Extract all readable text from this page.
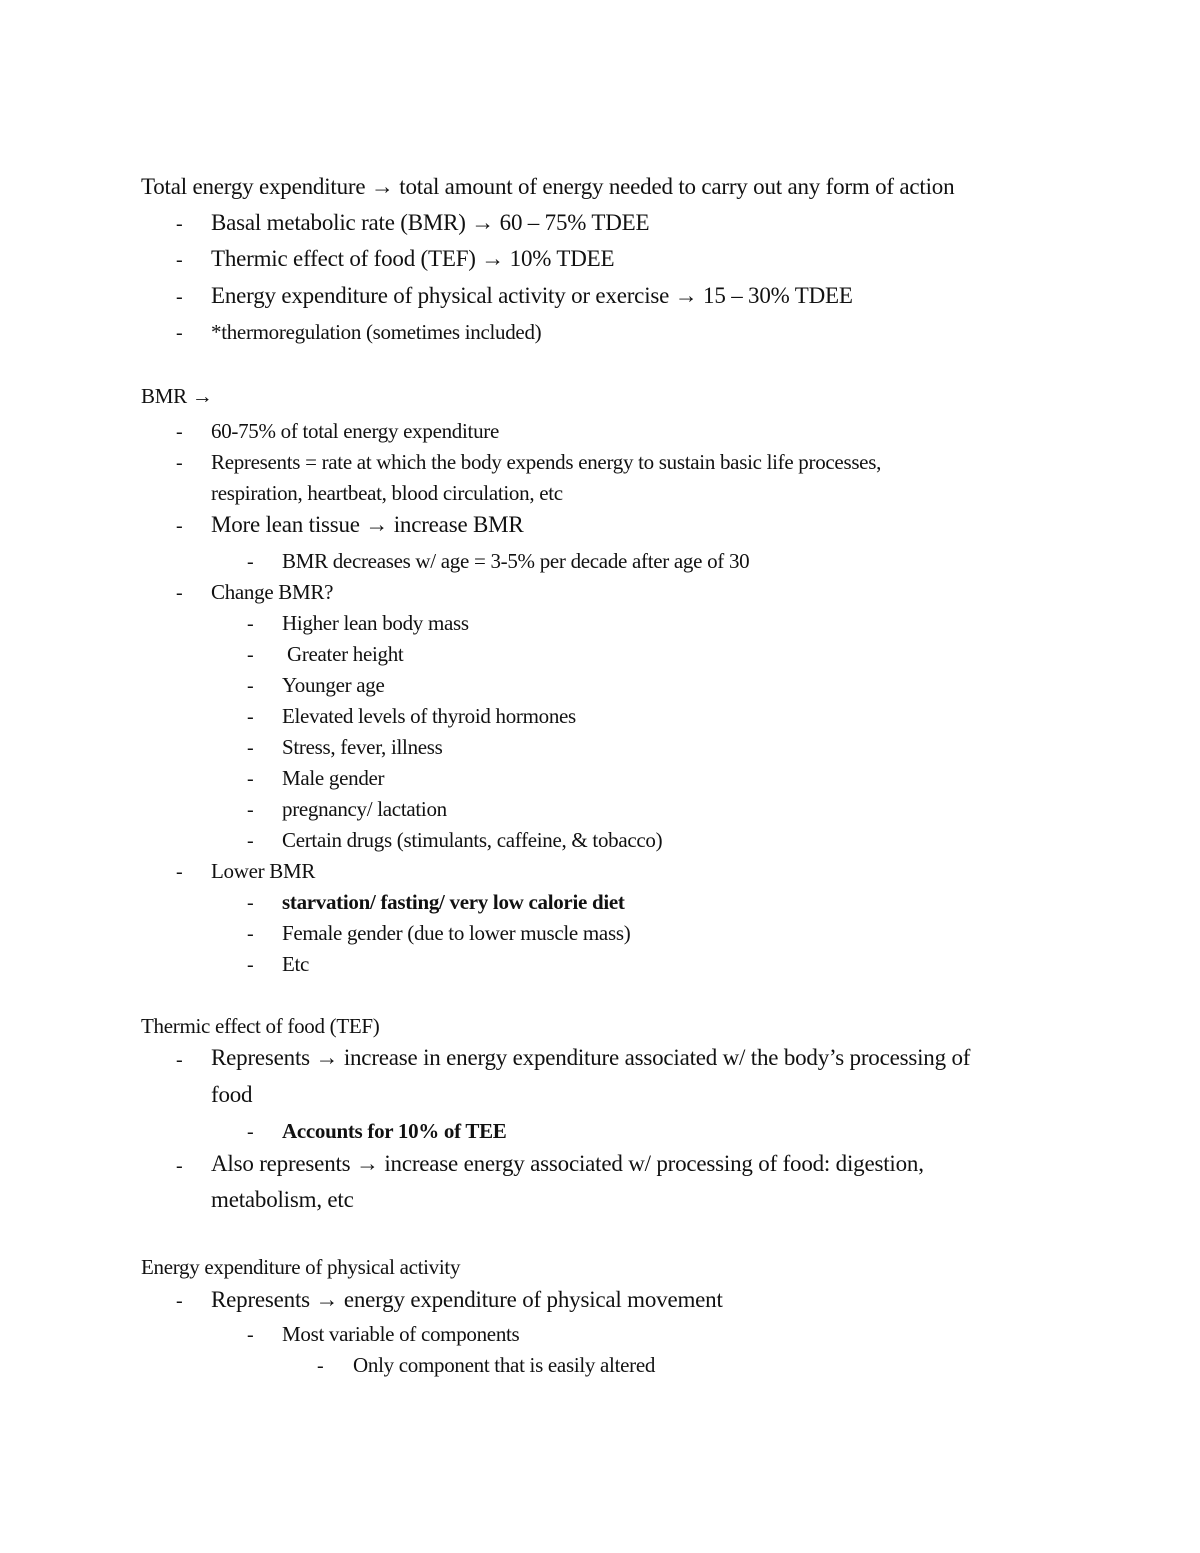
Total energy expenditure → total amount of energy needed to carry out any form of action
- Basal metabolic rate (BMR) → 60 – 75% TDEE
- Thermic effect of food (TEF) → 10% TDEE
- Energy expenditure of physical activity or exercise → 15 – 30% TDEE
- *thermoregulation (sometimes included)
BMR →
- 60-75% of total energy expenditure
- Represents = rate at which the body expends energy to sustain basic life processes,
respiration, heartbeat, blood circulation, etc
- More lean tissue → increase BMR
- BMR decreases w/ age = 3-5% per decade after age of 30
- Change BMR?
- Higher lean body mass
- Greater height
- Younger age
- Elevated levels of thyroid hormones
- Stress, fever, illness
- Male gender
- pregnancy/ lactation
- Certain drugs (stimulants, caffeine, & tobacco)
- Lower BMR
- starvation/ fasting/ very low calorie diet
- Female gender (due to lower muscle mass)
- Etc
Thermic effect of food (TEF)
- Represents → increase in energy expenditure associated w/ the body’s processing of
food
- Accounts for 10% of TEE
- Also represents → increase energy associated w/ processing of food: digestion,
metabolism, etc
Energy expenditure of physical activity
- Represents → energy expenditure of physical movement
- Most variable of components
- Only component that is easily altered
